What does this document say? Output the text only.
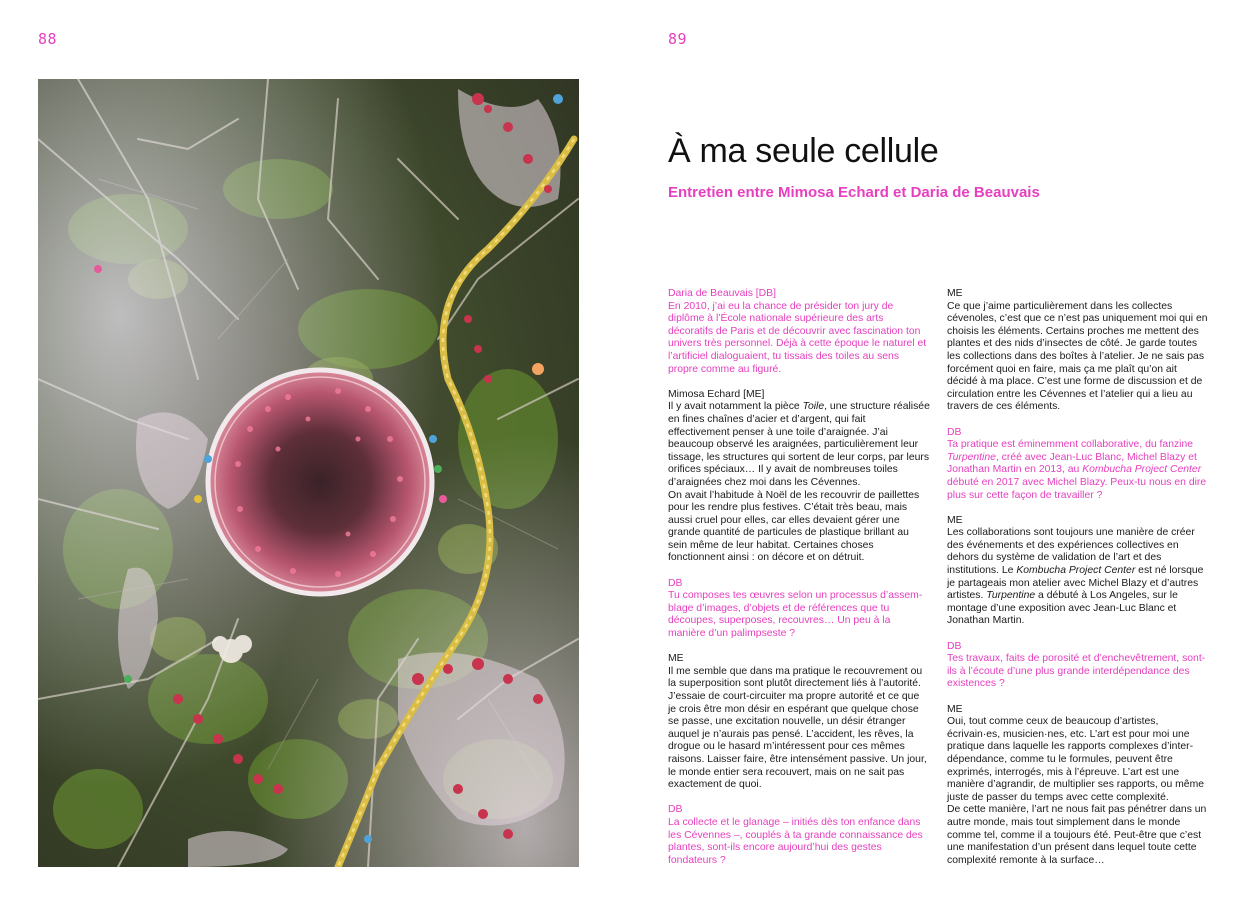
88	89
À ma seule cellule
Entretien entre Mimosa Echard et Daria de Beauvais
Daria de Beauvais [DB]
En 2010, j’ai eu la chance de présider ton jury de diplôme à l’École nationale supérieure des arts décoratifs de Paris et de découvrir avec fascination ton univers très personnel. Déjà à cette époque le naturel et l’artificiel dialoguaient, tu tissais des toiles au sens propre comme au figuré.
Mimosa Echard [ME]
Il y avait notamment la pièce Toile, une structure réalisée en fines chaînes d’acier et d’argent, qui fait effectivement penser à une toile d’araignée. J’ai beaucoup observé les araignées, particulièrement leur tissage, les structures qui sortent de leur corps, par leurs orifices spéciaux… Il y avait de nombreuses toiles d’araignées chez moi dans les Cévennes.
On avait l’habitude à Noël de les recouvrir de paillettes pour les rendre plus festives. C’était très beau, mais aussi cruel pour elles, car elles devaient gérer une grande quantité de particules de plastique brillant au sein même de leur habitat. Certaines choses fonctionnent ainsi : on décore et on détruit.
DB
Tu composes tes œuvres selon un processus d’assem-blage d’images, d’objets et de références que tu découpes, superposes, recouvres… Un peu à la manière d’un palimpseste ?
ME
Il me semble que dans ma pratique le recouvrement ou la superposition sont plutôt directement liés à l’autorité. J’essaie de court-circuiter ma propre autorité et ce que je crois être mon désir en espérant que quelque chose se passe, une excitation nouvelle, un désir étranger auquel je n’aurais pas pensé. L’accident, les rêves, la drogue ou le hasard m’intéressent pour ces mêmes raisons. Laisser faire, être intensément passive. Un jour, le monde entier sera recouvert, mais on ne sait pas exactement de quoi.
DB
La collecte et le glanage – initiés dès ton enfance dans les Cévennes –, couplés à ta grande connaissance des plantes, sont-ils encore aujourd’hui des gestes fondateurs ?
ME
Ce que j’aime particulièrement dans les collectes cévenoles, c’est que ce n’est pas uniquement moi qui en choisis les éléments. Certains proches me mettent des plantes et des nids d’insectes de côté. Je garde toutes les collections dans des boîtes à l’atelier. Je ne sais pas forcément quoi en faire, mais ça me plaît qu’on ait décidé à ma place. C’est une forme de discussion et de circulation entre les Cévennes et l’atelier qui a lieu au travers de ces éléments.
DB
Ta pratique est éminemment collaborative, du fanzine Turpentine, créé avec Jean-Luc Blanc, Michel Blazy et Jonathan Martin en 2013, au Kombucha Project Center débuté en 2017 avec Michel Blazy. Peux-tu nous en dire plus sur cette façon de travailler ?
ME
Les collaborations sont toujours une manière de créer des événements et des expériences collectives en dehors du système de validation de l’art et des institutions. Le Kombucha Project Center est né lorsque je partageais mon atelier avec Michel Blazy et d’autres artistes. Turpentine a débuté à Los Angeles, sur le montage d’une exposition avec Jean-Luc Blanc et Jonathan Martin.
DB
Tes travaux, faits de porosité et d’enchevêtrement, sont-ils à l’écoute d’une plus grande interdépendance des existences ?
ME
Oui, tout comme ceux de beaucoup d’artistes, écrivain·es, musicien·nes, etc. L’art est pour moi une pratique dans laquelle les rapports complexes d’inter-dépendance, comme tu le formules, peuvent être exprimés, interrogés, mis à l’épreuve. L’art est une manière d’agrandir, de multiplier ses rapports, ou même juste de passer du temps avec cette complexité.
De cette manière, l’art ne nous fait pas pénétrer dans un autre monde, mais tout simplement dans le monde comme tel, comme il a toujours été. Peut-être que c’est une manifestation d’un présent dans lequel toute cette complexité remonte à la surface…
